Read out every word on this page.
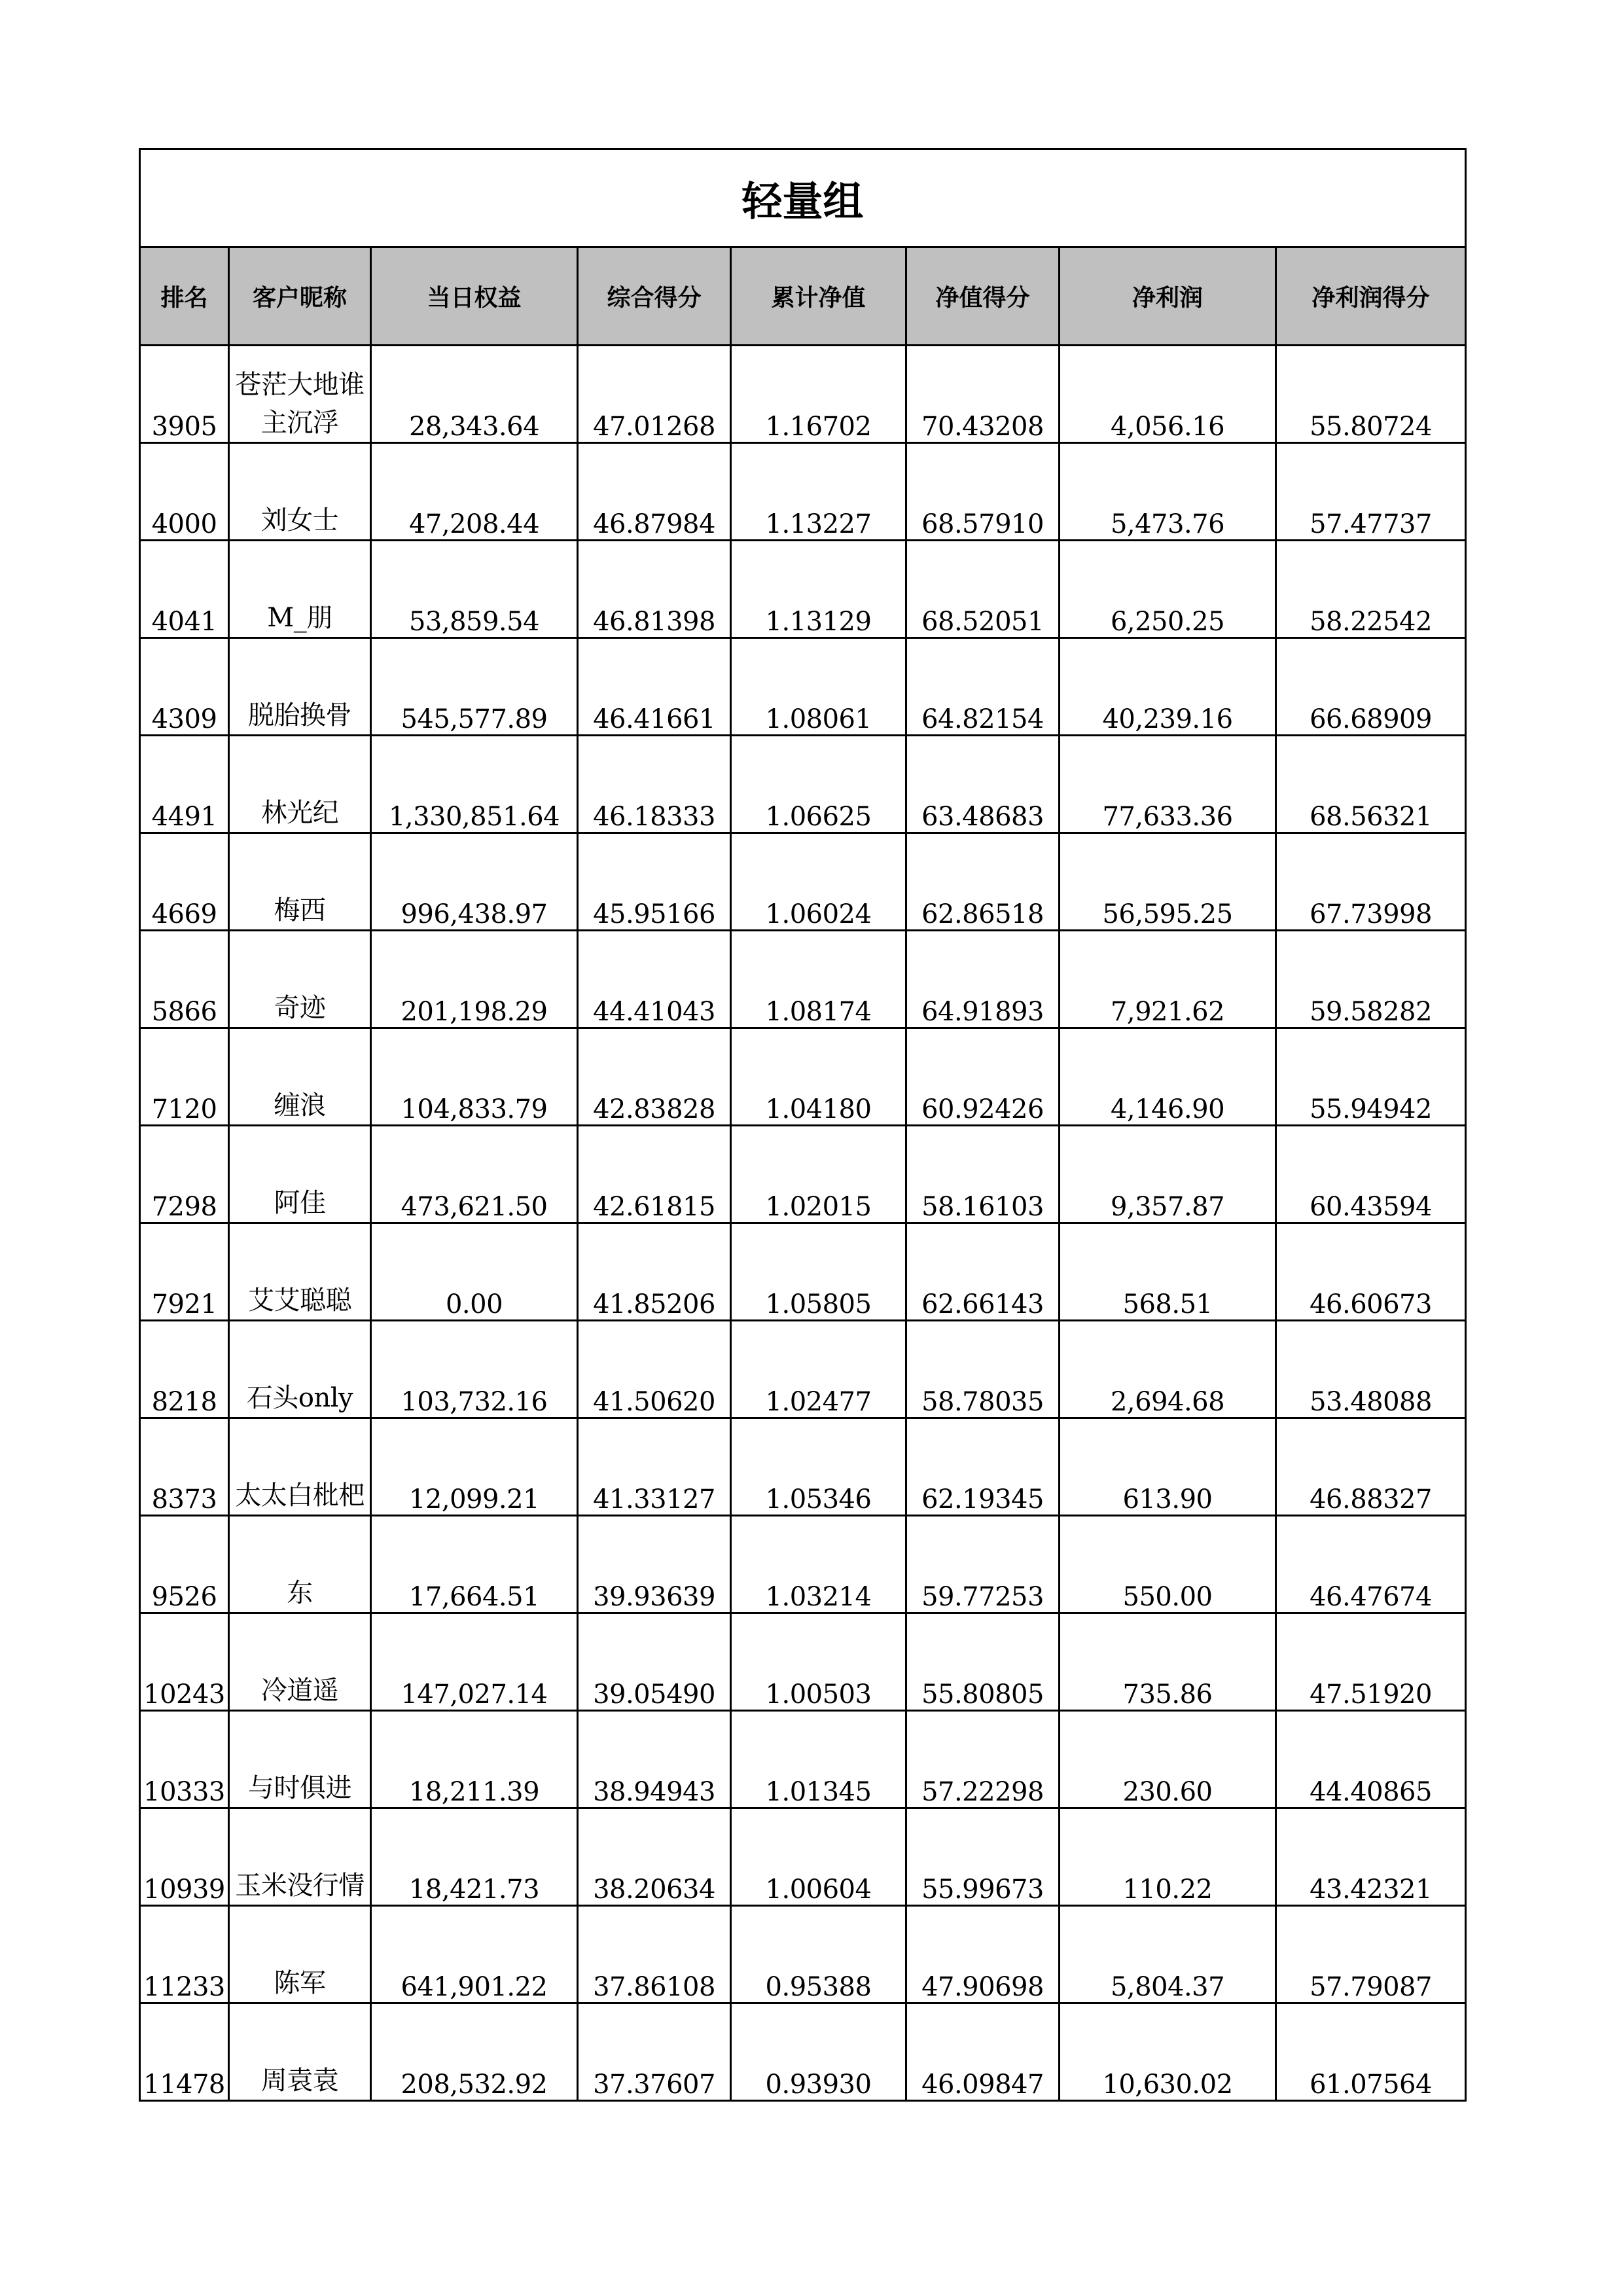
轻量组							
排名	客户昵称	当日权益	综合得分	累计净值	净值得分	净利润	净利润得分
3905	苍茫大地谁主沉浮	28,343.64	47.01268	1.16702	70.43208	4,056.16	55.80724
4000	刘女士	47,208.44	46.87984	1.13227	68.57910	5,473.76	57.47737
4041	M_朋	53,859.54	46.81398	1.13129	68.52051	6,250.25	58.22542
4309	脱胎换骨	545,577.89	46.41661	1.08061	64.82154	40,239.16	66.68909
4491	林光纪	1,330,851.64	46.18333	1.06625	63.48683	77,633.36	68.56321
4669	梅西	996,438.97	45.95166	1.06024	62.86518	56,595.25	67.73998
5866	奇迹	201,198.29	44.41043	1.08174	64.91893	7,921.62	59.58282
7120	缠浪	104,833.79	42.83828	1.04180	60.92426	4,146.90	55.94942
7298	阿佳	473,621.50	42.61815	1.02015	58.16103	9,357.87	60.43594
7921	艾艾聪聪	0.00	41.85206	1.05805	62.66143	568.51	46.60673
8218	石头only	103,732.16	41.50620	1.02477	58.78035	2,694.68	53.48088
8373	太太白枇杷	12,099.21	41.33127	1.05346	62.19345	613.90	46.88327
9526	东	17,664.51	39.93639	1.03214	59.77253	550.00	46.47674
10243	冷道遥	147,027.14	39.05490	1.00503	55.80805	735.86	47.51920
10333	与时俱进	18,211.39	38.94943	1.01345	57.22298	230.60	44.40865
10939	玉米没行情	18,421.73	38.20634	1.00604	55.99673	110.22	43.42321
11233	陈军	641,901.22	37.86108	0.95388	47.90698	5,804.37	57.79087
11478	周袁袁	208,532.92	37.37607	0.93930	46.09847	10,630.02	61.07564
